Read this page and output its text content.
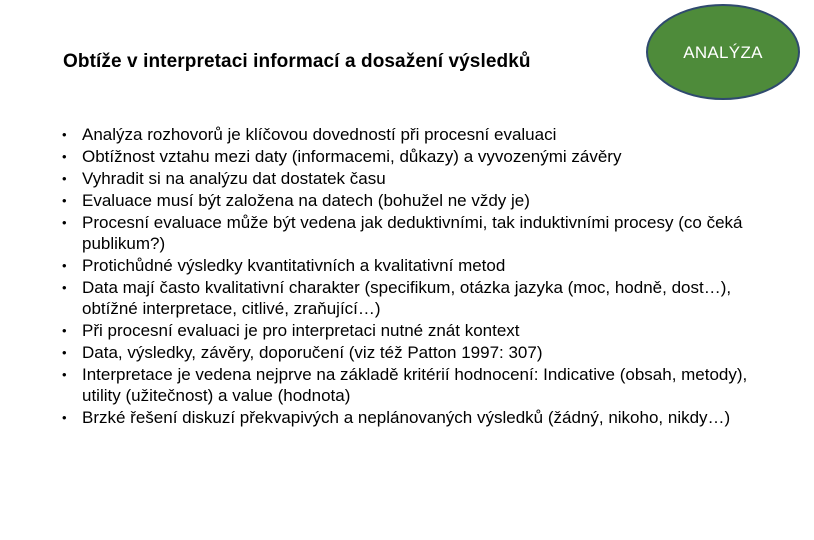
Obtíže v interpretaci informací a dosažení výsledků	ANALÝZA
• Analýza rozhovorů je klíčovou dovedností při procesní evaluaci
• Obtížnost vztahu mezi daty (informacemi, důkazy) a vyvozenými závěry
• Vyhradit si na analýzu dat dostatek času
• Evaluace musí být založena na datech (bohužel ne vždy je)
• Procesní evaluace může být vedena jak deduktivními, tak induktivními procesy (co čeká publikum?)
• Protichůdné výsledky kvantitativních a kvalitativní metod
• Data mají často kvalitativní charakter (specifikum, otázka jazyka (moc, hodně, dost…), obtížné interpretace, citlivé, zraňující…)
• Při procesní evaluaci je pro interpretaci nutné znát kontext
• Data, výsledky, závěry, doporučení (viz též Patton 1997: 307)
• Interpretace je vedena nejprve na základě kritérií hodnocení: Indicative (obsah, metody), utility (užitečnost) a value (hodnota)
• Brzké řešení diskuzí překvapivých a neplánovaných výsledků (žádný, nikoho, nikdy…)
